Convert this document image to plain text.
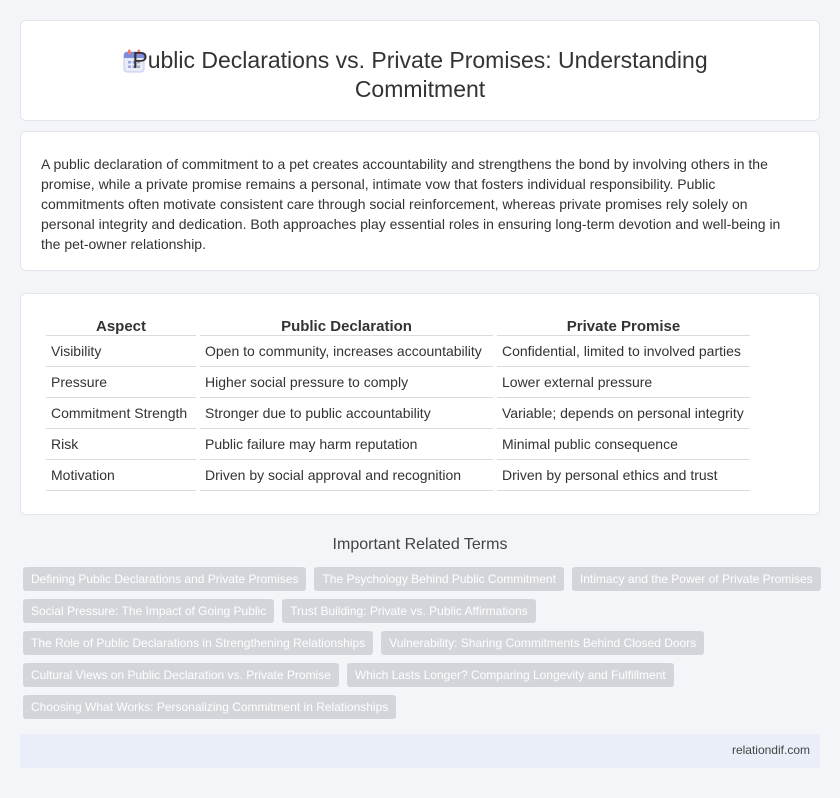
Public Declarations vs. Private Promises: Understanding Commitment

A public declaration of commitment to a pet creates accountability and strengthens the bond by involving others in the promise, while a private promise remains a personal, intimate vow that fosters individual responsibility. Public commitments often motivate consistent care through social reinforcement, whereas private promises rely solely on personal integrity and dedication. Both approaches play essential roles in ensuring long-term devotion and well-being in the pet-owner relationship.

Aspect	Public Declaration	Private Promise
Visibility	Open to community, increases accountability	Confidential, limited to involved parties
Pressure	Higher social pressure to comply	Lower external pressure
Commitment Strength	Stronger due to public accountability	Variable; depends on personal integrity
Risk	Public failure may harm reputation	Minimal public consequence
Motivation	Driven by social approval and recognition	Driven by personal ethics and trust
Important Related Terms
Defining Public Declarations and Private Promises	The Psychology Behind Public Commitment	Intimacy and the Power of Private Promises
Social Pressure: The Impact of Going Public	Trust Building: Private vs. Public Affirmations
The Role of Public Declarations in Strengthening Relationships	Vulnerability: Sharing Commitments Behind Closed Doors
Cultural Views on Public Declaration vs. Private Promise	Which Lasts Longer? Comparing Longevity and Fulfillment
Choosing What Works: Personalizing Commitment in Relationships
relationdif.com
